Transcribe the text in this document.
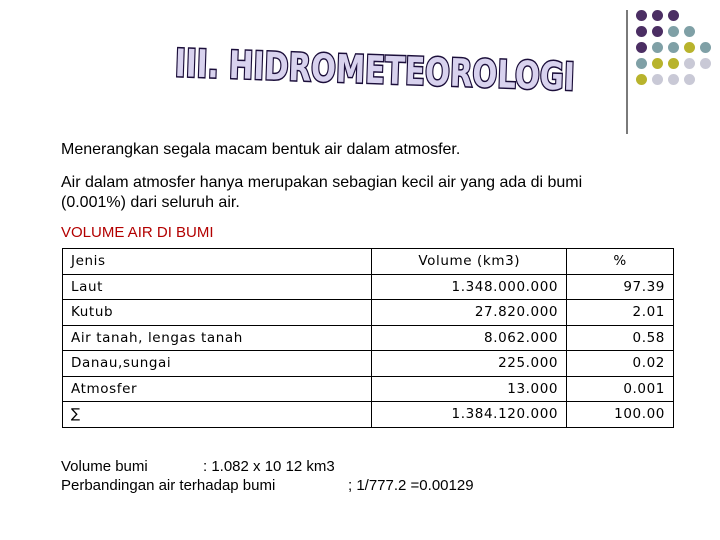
III. HIDROMETEOROLOGI
Menerangkan segala macam bentuk air dalam atmosfer.
Air dalam atmosfer hanya merupakan sebagian kecil air yang ada di bumi
(0.001%) dari seluruh air.
VOLUME AIR DI BUMI
Jenis	Volume (km3)	%
Laut	1.348.000.000	97.39
Kutub	27.820.000	2.01
Air tanah, lengas tanah	8.062.000	0.58
Danau,sungai	225.000	0.02
Atmosfer	13.000	0.001
∑	1.384.120.000	100.00
Volume bumi	: 1.082 x 10 12 km3
Perbandingan air terhadap bumi	; 1/777.2 =0.00129
